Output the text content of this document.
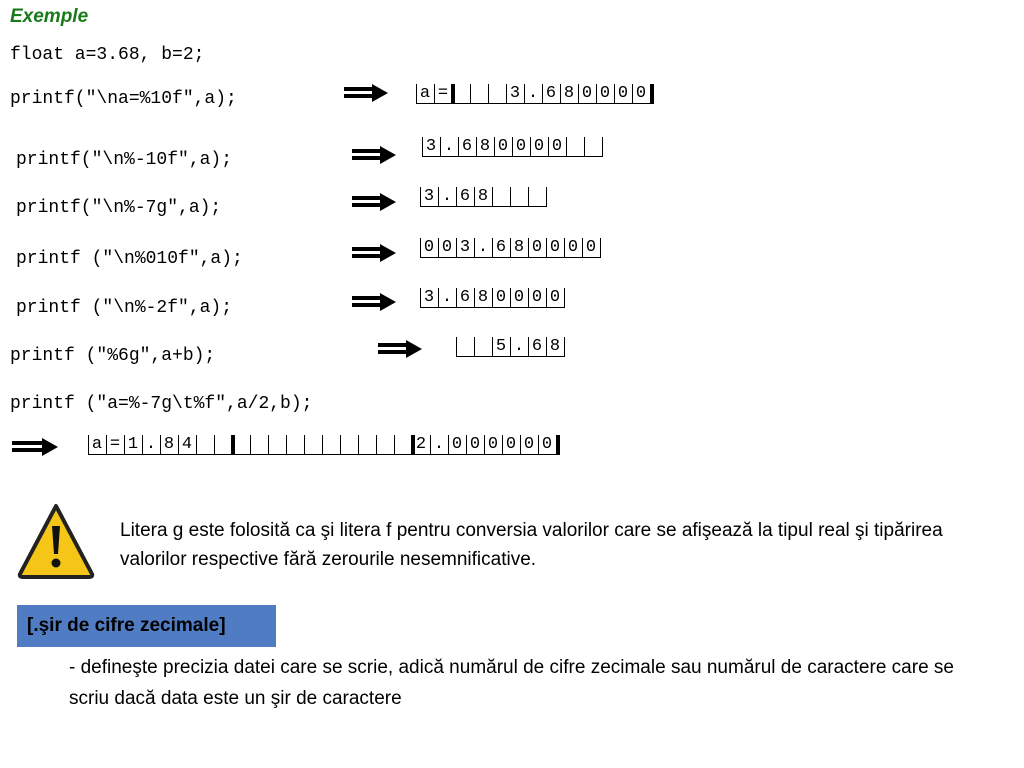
Exemple
float a=3.68, b=2;
printf("\na=%10f",a);
printf("\n%-10f",a);
printf("\n%-7g",a);
printf ("\n%010f",a);
printf ("\n%-2f",a);
printf ("%6g",a+b);
printf ("a=%-7g\t%f",a/2,b);
a =	3 . 6 8 0 0 0 0
3 . 6 8 0 0 0 0
3 . 6 8
0 0 3 . 6 8 0 0 0 0
3 . 6 8 0 0 0 0
5 . 6 8
a = 1 . 8 4	2 . 0 0 0 0 0 0
Litera g este folosită ca şi litera f pentru conversia valorilor care se afişează la tipul real şi tipărirea valorilor respective fără zerourile nesemnificative.
[.şir de cifre zecimale]
- defineşte precizia datei care se scrie, adică numărul de cifre zecimale sau numărul de caractere care se scriu dacă data este un şir de caractere
